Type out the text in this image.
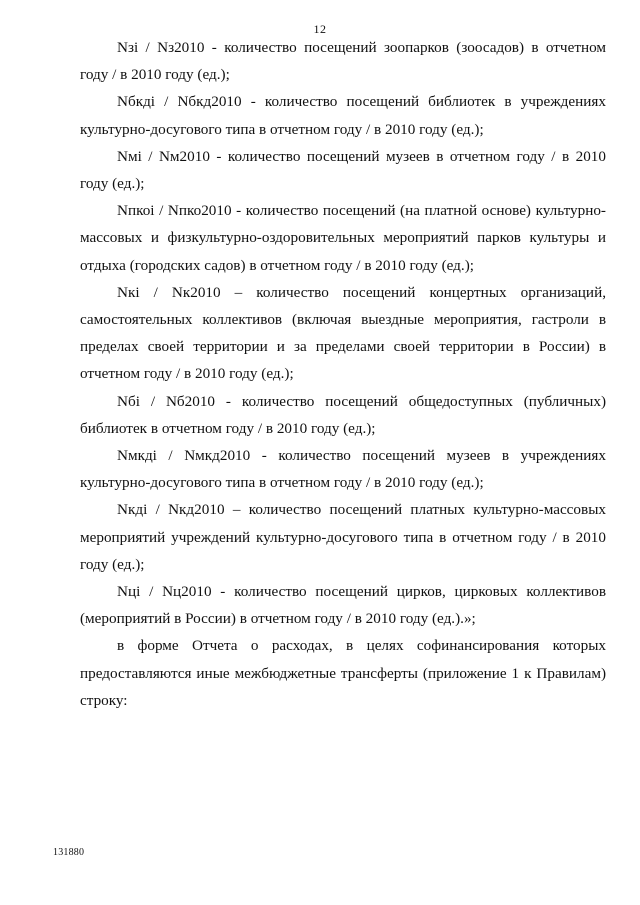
12

Nзi / Nз2010 - количество посещений зоопарков (зоосадов) в отчетном году / в 2010 году (ед.);

Nбкдi / Nбкд2010 - количество посещений библиотек в учреждениях культурно-досугового типа в отчетном году / в 2010 году (ед.);

Nмi / Nм2010 - количество посещений музеев в отчетном году / в 2010 году (ед.);

Nпкоi / Nпко2010 - количество посещений (на платной основе) культурно-массовых и физкультурно-оздоровительных мероприятий парков культуры и отдыха (городских садов) в отчетном году / в 2010 году (ед.);

Nкi / Nк2010 – количество посещений концертных организаций, самостоятельных коллективов (включая выездные мероприятия, гастроли в пределах своей территории и за пределами своей территории в России) в отчетном году / в 2010 году (ед.);

Nбi / Nб2010 - количество посещений общедоступных (публичных) библиотек в отчетном году / в 2010 году (ед.);

Nмкдi / Nмкд2010 - количество посещений музеев в учреждениях культурно-досугового типа в отчетном году / в 2010 году (ед.);

Nкдi / Nкд2010 – количество посещений платных культурно-массовых мероприятий учреждений культурно-досугового типа в отчетном году / в 2010 году (ед.);

Nцi / Nц2010 - количество посещений цирков, цирковых коллективов (мероприятий в России) в отчетном году / в 2010 году (ед.).»;

в форме Отчета о расходах, в целях софинансирования которых предоставляются иные межбюджетные трансферты (приложение 1 к Правилам) строку:

131880
